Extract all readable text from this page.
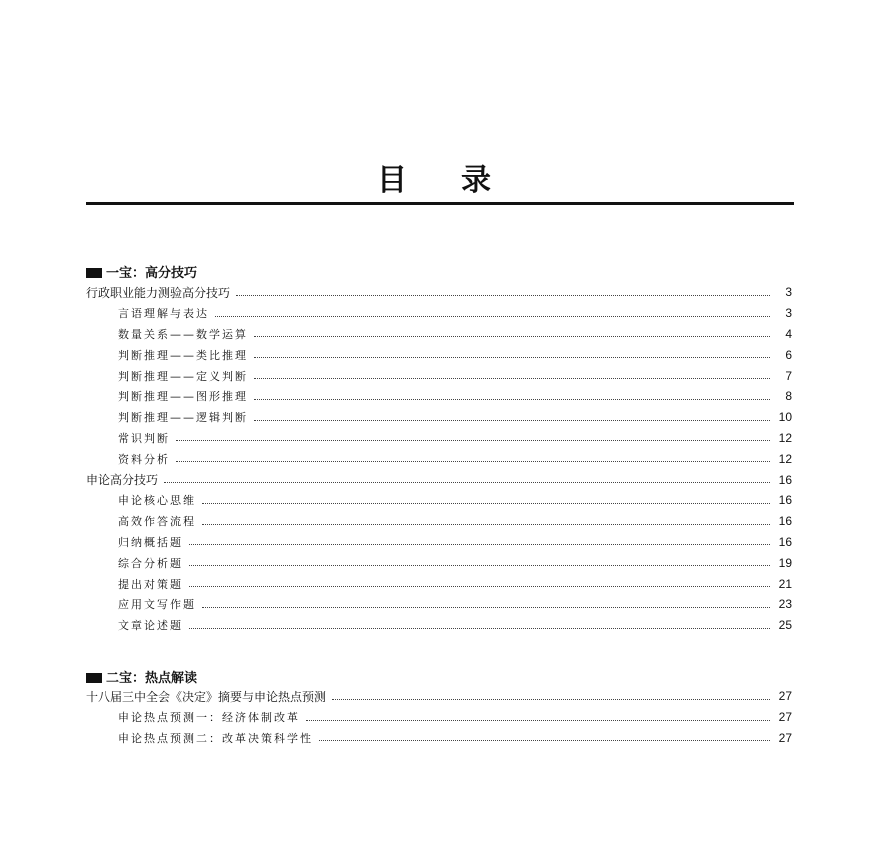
目 录
一宝：高分技巧
行政职业能力测验高分技巧	3
言语理解与表达	3
数量关系——数学运算	4
判断推理——类比推理	6
判断推理——定义判断	7
判断推理——图形推理	8
判断推理——逻辑判断	10
常识判断	12
资料分析	12
申论高分技巧	16
申论核心思维	16
高效作答流程	16
归纳概括题	16
综合分析题	19
提出对策题	21
应用文写作题	23
文章论述题	25
二宝：热点解读
十八届三中全会《决定》摘要与申论热点预测	27
申论热点预测一：经济体制改革	27
申论热点预测二：改革决策科学性	27
